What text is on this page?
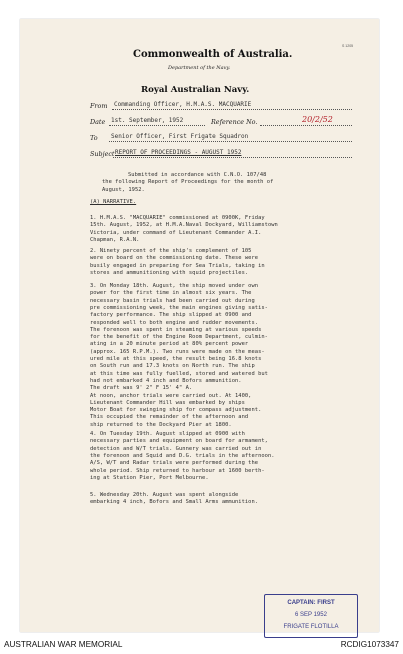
S 1205
Commonwealth of Australia.
Department of the Navy.
Royal Australian Navy.
From Commanding Officer, H.M.A.S. MACQUARIE
Date 1st. September, 1952	Reference No.	20/2/52
To Senior Officer, First Frigate Squadron
Subject REPORT OF PROCEEDINGS - AUGUST 1952
Submitted in accordance with C.N.O. 107/48
the following Report of Proceedings for the month of
August, 1952.
(A) NARRATIVE.
1. H.M.A.S. "MACQUARIE" commissioned at 0900K, Friday
15th. August, 1952, at H.M.A.Naval Dockyard, Williamstown
Victoria, under command of Lieutenant Commander A.I.
Chapman, R.A.N.
2. Ninety percent of the ship's complement of 105
were on board on the commissioning date. These were
busily engaged in preparing for Sea Trials, taking in
stores and ammunitioning with squid projectiles.
3. On Monday 18th. August, the ship moved under own
power for the first time in almost six years. The
necessary basin trials had been carried out during
pre commissioning week, the main engines giving satis-
factory performance. The ship slipped at 0900 and
responded well to both engine and rudder movements.
The forenoon was spent in steaming at various speeds
for the benefit of the Engine Room Department, culmin-
ating in a 20 minute period at 80% percent power
(approx. 165 R.P.M.). Two runs were made on the meas-
ured mile at this speed, the result being 16.8 knots
on South run and 17.3 knots on North run. The ship
at this time was fully fuelled, stored and watered but
had not embarked 4 inch and Bofors ammunition.
The draft was 9' 2" F 15' 4" A.
At noon, anchor trials were carried out. At 1400,
Lieutenant Commander Hill was embarked by ships
Motor Boat for swinging ship for compass adjustment.
This occupied the remainder of the afternoon and
ship returned to the Dockyard Pier at 1800.
4. On Tuesday 19th. August slipped at 0900 with
necessary parties and equipment on board for armament,
detection and W/T trials. Gunnery was carried out in
the forenoon and Squid and D.G. trials in the afternoon.
A/S, W/T and Radar trials were performed during the
whole period. Ship returned to harbour at 1600 berth-
ing at Station Pier, Port Melbourne.
5. Wednesday 20th. August was spent alongside
embarking 4 inch, Bofors and Small Arms ammunition.
CAPTAIN: FIRST
6 SEP 1952
FRIGATE FLOTILLA
AUSTRALIAN WAR MEMORIAL	RCDIG1073347
